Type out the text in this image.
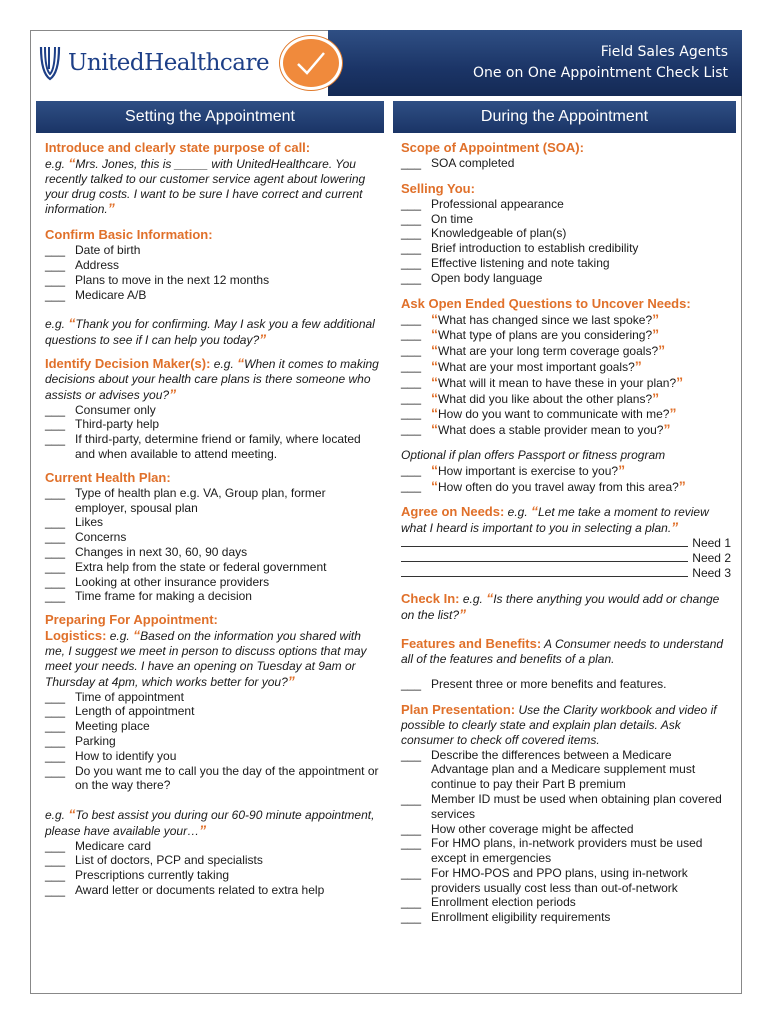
UnitedHealthcare	Field Sales Agents
One on One Appointment Check List
Setting the Appointment	During the Appointment
Introduce and clearly state purpose of call:
e.g. “Mrs. Jones, this is _____ with UnitedHealthcare. You recently talked to our customer service agent about lowering your drug costs. I want to be sure I have correct and current information.”
Confirm Basic Information:
___ Date of birth
___ Address
___ Plans to move in the next 12 months
___ Medicare A/B
e.g. “Thank you for confirming. May I ask you a few additional questions to see if I can help you today?”
Identify Decision Maker(s): e.g. “When it comes to making decisions about your health care plans is there someone who assists or advises you?”
___ Consumer only
___ Third-party help
___ If third-party, determine friend or family, where located and when available to attend meeting.
Current Health Plan:
___ Type of health plan e.g. VA, Group plan, former employer, spousal plan
___ Likes
___ Concerns
___ Changes in next 30, 60, 90 days
___ Extra help from the state or federal government
___ Looking at other insurance providers
___ Time frame for making a decision
Preparing For Appointment:
Logistics: e.g. “Based on the information you shared with me, I suggest we meet in person to discuss options that may meet your needs. I have an opening on Tuesday at 9am or Thursday at 4pm, which works better for you?”
___ Time of appointment
___ Length of appointment
___ Meeting place
___ Parking
___ How to identify you
___ Do you want me to call you the day of the appointment or on the way there?
e.g. “To best assist you during our 60-90 minute appointment, please have available your…”
___ Medicare card
___ List of doctors, PCP and specialists
___ Prescriptions currently taking
___ Award letter or documents related to extra help
Scope of Appointment (SOA):
___ SOA completed
Selling You:
___ Professional appearance
___ On time
___ Knowledgeable of plan(s)
___ Brief introduction to establish credibility
___ Effective listening and note taking
___ Open body language
Ask Open Ended Questions to Uncover Needs:
___ “What has changed since we last spoke?”
___ “What type of plans are you considering?”
___ “What are your long term coverage goals?”
___ “What are your most important goals?”
___ “What will it mean to have these in your plan?”
___ “What did you like about the other plans?”
___ “How do you want to communicate with me?”
___ “What does a stable provider mean to you?”
Optional if plan offers Passport or fitness program
___ “How important is exercise to you?”
___ “How often do you travel away from this area?”
Agree on Needs: e.g. “Let me take a moment to review what I heard is important to you in selecting a plan.”
Need 1
Need 2
Need 3
Check In: e.g. “Is there anything you would add or change on the list?”
Features and Benefits: A Consumer needs to understand all of the features and benefits of a plan.
___ Present three or more benefits and features.
Plan Presentation: Use the Clarity workbook and video if possible to clearly state and explain plan details. Ask consumer to check off covered items.
___ Describe the differences between a Medicare Advantage plan and a Medicare supplement must continue to pay their Part B premium
___ Member ID must be used when obtaining plan covered services
___ How other coverage might be affected
___ For HMO plans, in-network providers must be used except in emergencies
___ For HMO-POS and PPO plans, using in-network providers usually cost less than out-of-network
___ Enrollment election periods
___ Enrollment eligibility requirements
